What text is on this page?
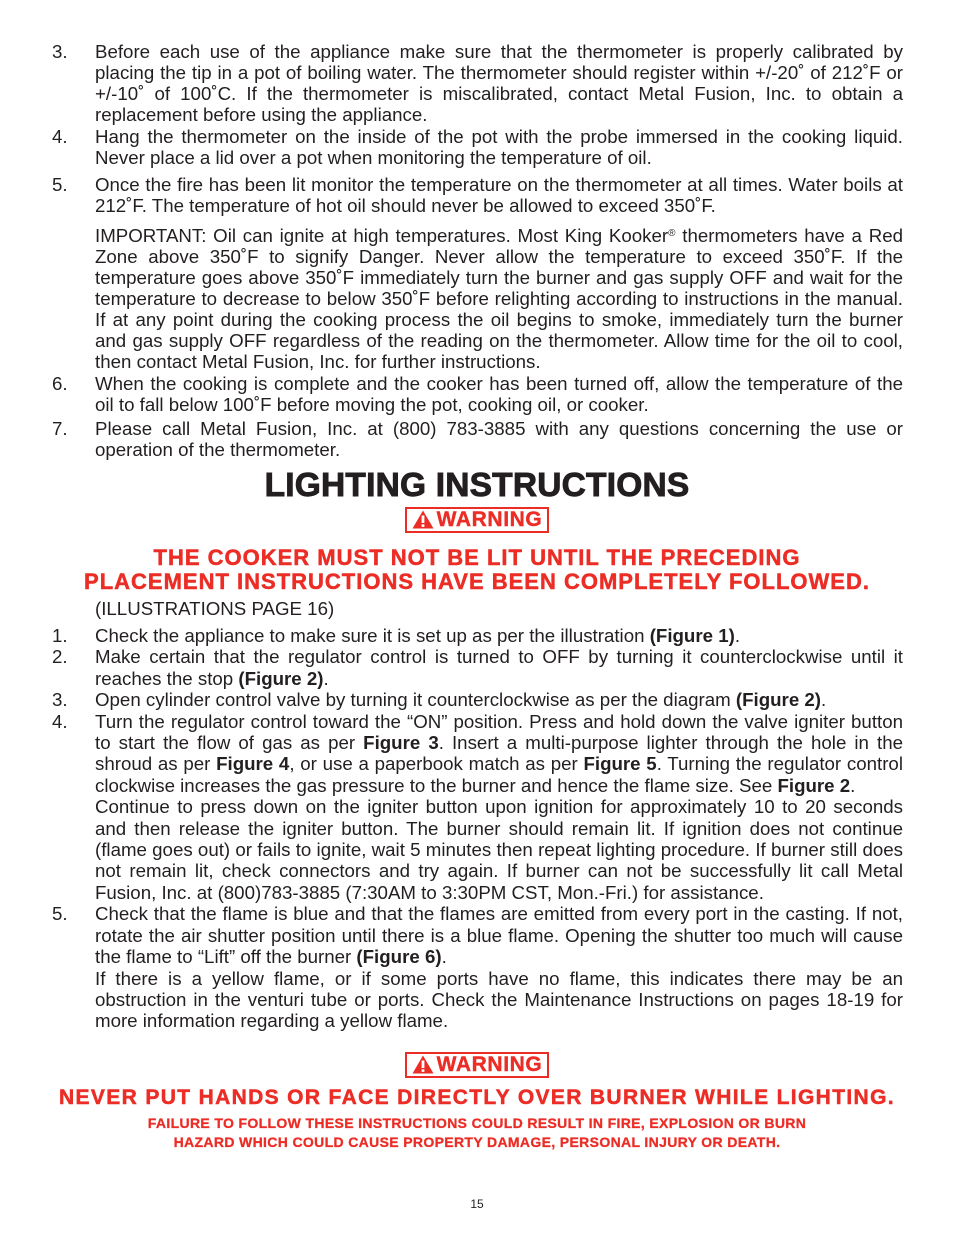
3.	Before each use of the appliance make sure that the thermometer is properly calibrated by placing the tip in a pot of boiling water. The thermometer should register within +/-20˚ of 212˚F or +/-10˚ of 100˚C. If the thermometer is miscalibrated, contact Metal Fusion, Inc. to obtain a replacement before using the appliance.
4.	Hang the thermometer on the inside of the pot with the probe immersed in the cooking liquid. Never place a lid over a pot when monitoring the temperature of oil.
5.	Once the fire has been lit monitor the temperature on the thermometer at all times. Water boils at 212˚F. The temperature of hot oil should never be allowed to exceed 350˚F.
IMPORTANT: Oil can ignite at high temperatures. Most King Kooker® thermometers have a Red Zone above 350˚F to signify Danger. Never allow the temperature to exceed 350˚F. If the temperature goes above 350˚F immediately turn the burner and gas supply OFF and wait for the temperature to decrease to below 350˚F before relighting according to instructions in the manual. If at any point during the cooking process the oil begins to smoke, immediately turn the burner and gas supply OFF regardless of the reading on the thermometer. Allow time for the oil to cool, then contact Metal Fusion, Inc. for further instructions.
6.	When the cooking is complete and the cooker has been turned off, allow the temperature of the oil to fall below 100˚F before moving the pot, cooking oil, or cooker.
7.	Please call Metal Fusion, Inc. at (800) 783-3885 with any questions concerning the use or operation of the thermometer.
LIGHTING INSTRUCTIONS
WARNING
THE COOKER MUST NOT BE LIT UNTIL THE PRECEDING
PLACEMENT INSTRUCTIONS HAVE BEEN COMPLETELY FOLLOWED.
(ILLUSTRATIONS PAGE 16)
1.	Check the appliance to make sure it is set up as per the illustration (Figure 1).
2.	Make certain that the regulator control is turned to OFF by turning it counterclockwise until it reaches the stop (Figure 2).
3.	Open cylinder control valve by turning it counterclockwise as per the diagram (Figure 2).
4.	Turn the regulator control toward the “ON” position. Press and hold down the valve igniter button to start the flow of gas as per Figure 3. Insert a multi-purpose lighter through the hole in the shroud as per Figure 4, or use a paperbook match as per Figure 5. Turning the regulator control clockwise increases the gas pressure to the burner and hence the flame size. See Figure 2.
Continue to press down on the igniter button upon ignition for approximately 10 to 20 seconds and then release the igniter button. The burner should remain lit. If ignition does not continue (flame goes out) or fails to ignite, wait 5 minutes then repeat lighting procedure. If burner still does not remain lit, check connectors and try again. If burner can not be successfully lit call Metal Fusion, Inc. at (800)783-3885 (7:30AM to 3:30PM CST, Mon.-Fri.) for assistance.
5.	Check that the flame is blue and that the flames are emitted from every port in the casting. If not, rotate the air shutter position until there is a blue flame. Opening the shutter too much will cause the flame to “Lift” off the burner (Figure 6).
If there is a yellow flame, or if some ports have no flame, this indicates there may be an obstruction in the venturi tube or ports. Check the Maintenance Instructions on pages 18-19 for more information regarding a yellow flame.
WARNING
NEVER PUT HANDS OR FACE DIRECTLY OVER BURNER WHILE LIGHTING.
FAILURE TO FOLLOW THESE INSTRUCTIONS COULD RESULT IN FIRE, EXPLOSION OR BURN
HAZARD WHICH COULD CAUSE PROPERTY DAMAGE, PERSONAL INJURY OR DEATH.
15
